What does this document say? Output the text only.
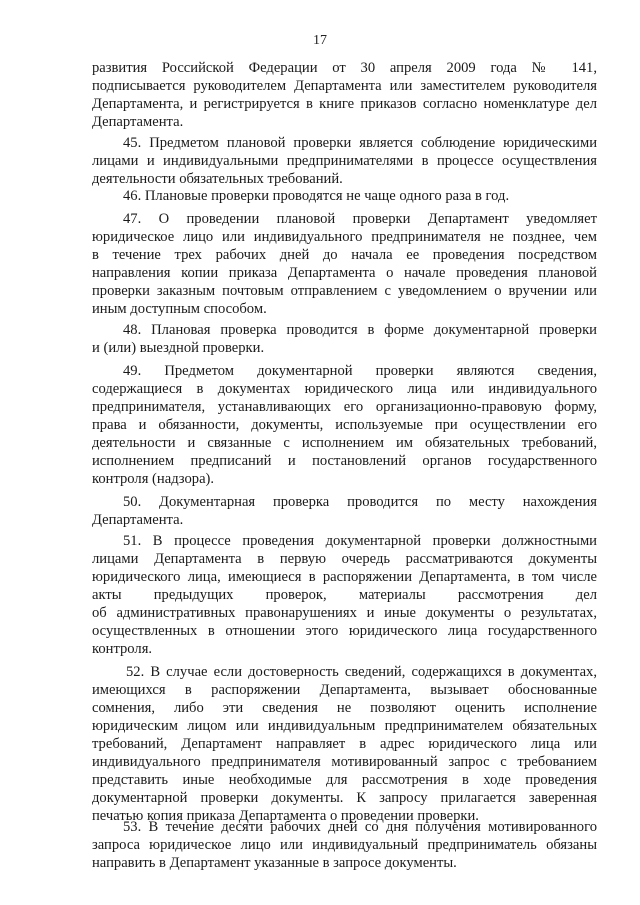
17
развития Российской Федерации от 30 апреля 2009 года № 141,
подписывается руководителем Департамента или заместителем руководителя
Департамента, и регистрируется в книге приказов согласно номенклатуре дел
Департамента.
45. Предметом плановой проверки является соблюдение юридическими
лицами и индивидуальными предпринимателями в процессе осуществления
деятельности обязательных требований.
46. Плановые проверки проводятся не чаще одного раза в год.
47. О проведении плановой проверки Департамент уведомляет
юридическое лицо или индивидуального предпринимателя не позднее, чем
в течение трех рабочих дней до начала ее проведения посредством
направления копии приказа Департамента о начале проведения плановой
проверки заказным почтовым отправлением с уведомлением о вручении или
иным доступным способом.
48. Плановая проверка проводится в форме документарной проверки
и (или) выездной проверки.
49. Предметом документарной проверки являются сведения,
содержащиеся в документах юридического лица или индивидуального
предпринимателя, устанавливающих его организационно-правовую форму,
права и обязанности, документы, используемые при осуществлении его
деятельности и связанные с исполнением им обязательных требований,
исполнением предписаний и постановлений органов государственного
контроля (надзора).
50. Документарная проверка проводится по месту нахождения
Департамента.
51. В процессе проведения документарной проверки должностными
лицами Департамента в первую очередь рассматриваются документы
юридического лица, имеющиеся в распоряжении Департамента, в том числе
акты предыдущих проверок, материалы рассмотрения дел
об административных правонарушениях и иные документы о результатах,
осуществленных в отношении этого юридического лица государственного
контроля.
52. В случае если достоверность сведений, содержащихся в документах,
имеющихся в распоряжении Департамента, вызывает обоснованные
сомнения, либо эти сведения не позволяют оценить исполнение
юридическим лицом или индивидуальным предпринимателем обязательных
требований, Департамент направляет в адрес юридического лица или
индивидуального предпринимателя мотивированный запрос с требованием
представить иные необходимые для рассмотрения в ходе проведения
документарной проверки документы. К запросу прилагается заверенная
печатью копия приказа Департамента о проведении проверки.
53. В течение десяти рабочих дней со дня получения мотивированного
запроса юридическое лицо или индивидуальный предприниматель обязаны
направить в Департамент указанные в запросе документы.
